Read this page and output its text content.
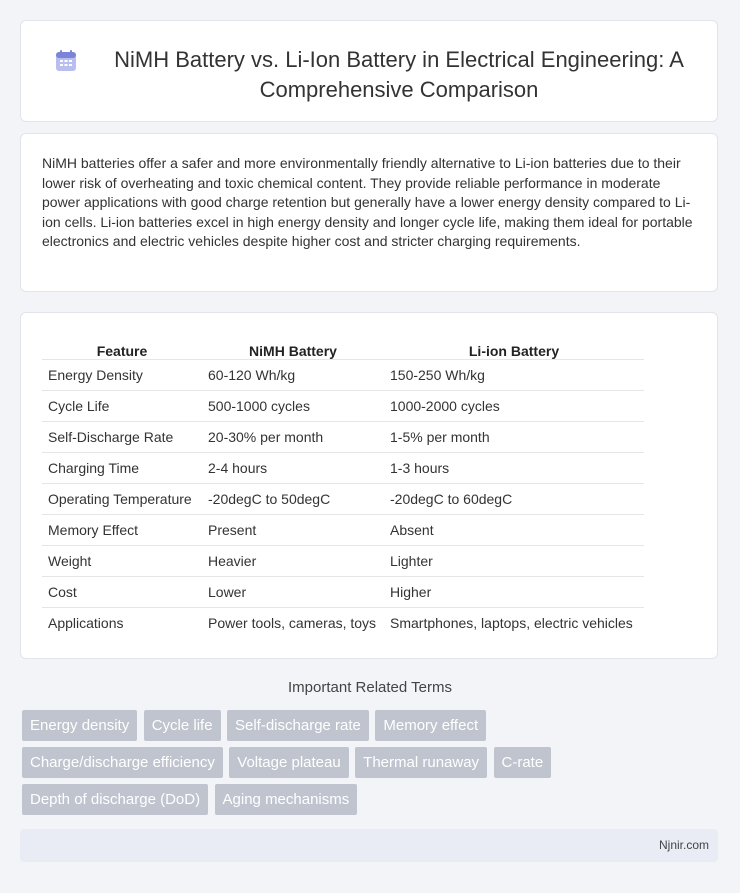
NiMH Battery vs. Li-Ion Battery in Electrical Engineering: A Comprehensive Comparison

NiMH batteries offer a safer and more environmentally friendly alternative to Li-ion batteries due to their lower risk of overheating and toxic chemical content. They provide reliable performance in moderate power applications with good charge retention but generally have a lower energy density compared to Li-ion cells. Li-ion batteries excel in high energy density and longer cycle life, making them ideal for portable electronics and electric vehicles despite higher cost and stricter charging requirements.

Feature	NiMH Battery	Li-ion Battery
Energy Density	60-120 Wh/kg	150-250 Wh/kg
Cycle Life	500-1000 cycles	1000-2000 cycles
Self-Discharge Rate	20-30% per month	1-5% per month
Charging Time	2-4 hours	1-3 hours
Operating Temperature	-20degC to 50degC	-20degC to 60degC
Memory Effect	Present	Absent
Weight	Heavier	Lighter
Cost	Lower	Higher
Applications	Power tools, cameras, toys	Smartphones, laptops, electric vehicles
Important Related Terms
Energy density Cycle life Self-discharge rate Memory effect Charge/discharge efficiency Voltage plateau Thermal runaway C-rate Depth of discharge (DoD) Aging mechanisms
Njnir.com
